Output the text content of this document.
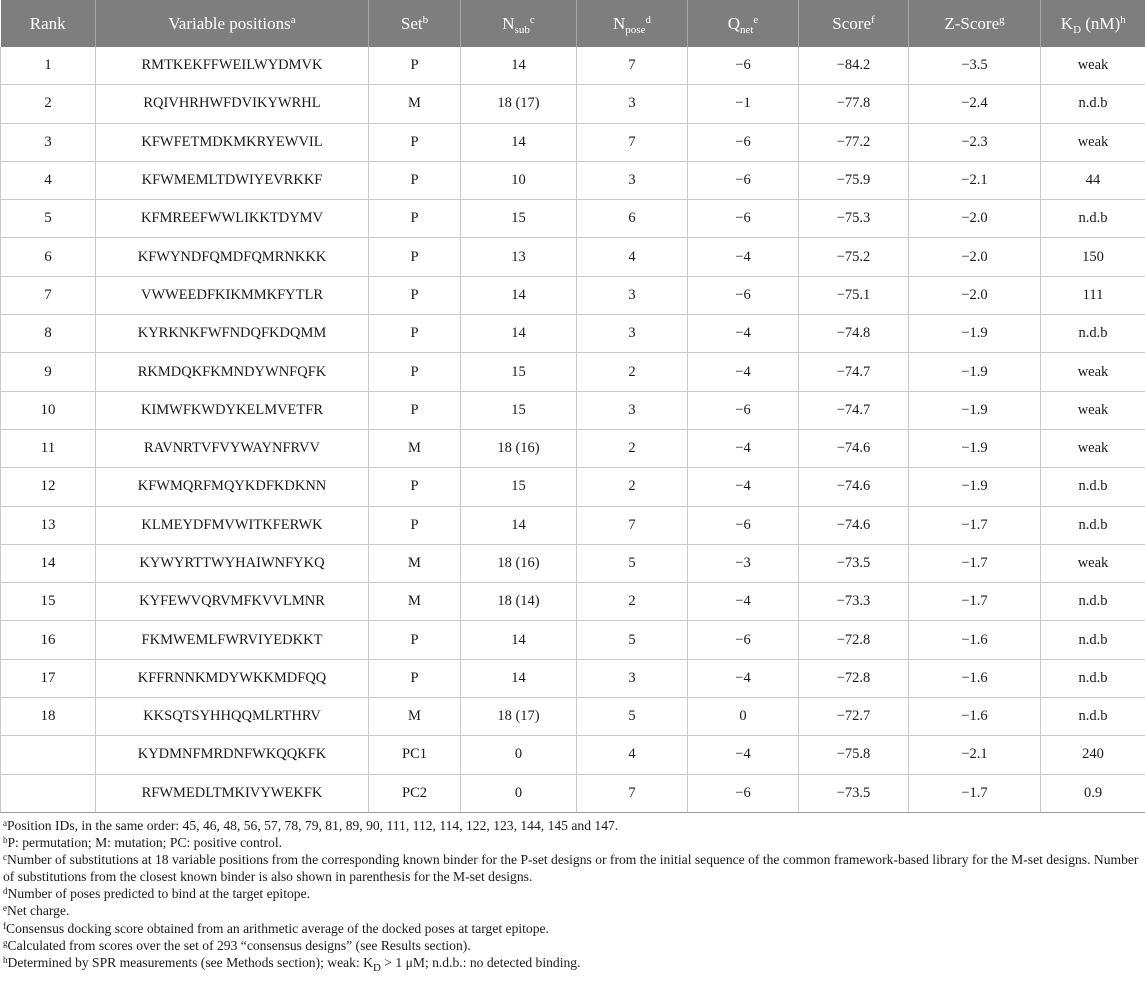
Rank	Variable positions$^a$	Set$^b$	$N_{sub}^c$	$N_{pose}^d$	$Q_{net}^e$	Score$^f$	Z-Score$^g$	$K_D$ (nM)$^h$
1	RMTKEKFFWEILWYDMVK	P	14	7	−6	−84.2	−3.5	weak
2	RQIVHRHWFDVIKYWRHL	M	18 (17)	3	−1	−77.8	−2.4	n.d.b
3	KFWFETMDKMKRYEWVIL	P	14	7	−6	−77.2	−2.3	weak
4	KFWMEMLTDWIYEVRKKF	P	10	3	−6	−75.9	−2.1	44
5	KFMREEFWWLIKKTDYMV	P	15	6	−6	−75.3	−2.0	n.d.b
6	KFWYNDFQMDFQMRNKKK	P	13	4	−4	−75.2	−2.0	150
7	VWWEEDFKIKMMKFYTLR	P	14	3	−6	−75.1	−2.0	111
8	KYRKNKFWFNDQFKDQMM	P	14	3	−4	−74.8	−1.9	n.d.b
9	RKMDQKFKMNDYWNFQFK	P	15	2	−4	−74.7	−1.9	weak
10	KIMWFKWDYKELMVETFR	P	15	3	−6	−74.7	−1.9	weak
11	RAVNRTVFVYWAYNFRVV	M	18 (16)	2	−4	−74.6	−1.9	weak
12	KFWMQRFMQYKDFKDKNN	P	15	2	−4	−74.6	−1.9	n.d.b
13	KLMEYDFMVWITKFERWK	P	14	7	−6	−74.6	−1.7	n.d.b
14	KYWYRTTWYHAIWNFYKQ	M	18 (16)	5	−3	−73.5	−1.7	weak
15	KYFEWVQRVMFKVVLMNR	M	18 (14)	2	−4	−73.3	−1.7	n.d.b
16	FKMWEMLFWRVIYEDKKT	P	14	5	−6	−72.8	−1.6	n.d.b
17	KFFRNNKMDYWKKMDFQQ	P	14	3	−4	−72.8	−1.6	n.d.b
18	KKSQTSYHHQQMLRTHRV	M	18 (17)	5	0	−72.7	−1.6	n.d.b
	KYDMNFMRDNFWKQQKFK	PC1	0	4	−4	−75.8	−2.1	240
	RFWMEDLTMKIVYWEKFK	PC2	0	7	−6	−73.5	−1.7	0.9
$^a$Position IDs, in the same order: 45, 46, 48, 56, 57, 78, 79, 81, 89, 90, 111, 112, 114, 122, 123, 144, 145 and 147.
$^b$P: permutation; M: mutation; PC: positive control.
$^c$Number of substitutions at 18 variable positions from the corresponding known binder for the P-set designs or from the initial sequence of the common framework-based library for the M-set designs. Number of substitutions from the closest known binder is also shown in parenthesis for the M-set designs.
$^d$Number of poses predicted to bind at the target epitope.
$^e$Net charge.
$^f$Consensus docking score obtained from an arithmetic average of the docked poses at target epitope.
$^g$Calculated from scores over the set of 293 “consensus designs” (see Results section).
$^h$Determined by SPR measurements (see Methods section); weak: $K_D > 1$ μM; n.d.b.: no detected binding.
